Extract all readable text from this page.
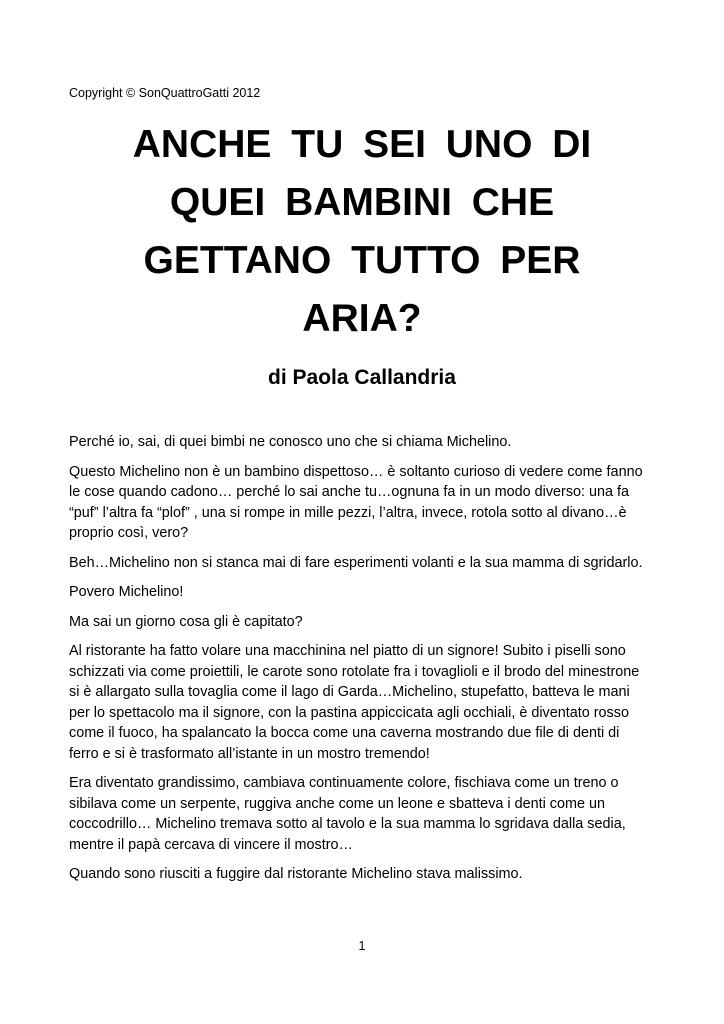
Copyright © SonQuattroGatti 2012

ANCHE TU SEI UNO DI
QUEI BAMBINI CHE
GETTANO TUTTO PER
ARIA?
di Paola Callandria

Perché io, sai, di quei bimbi ne conosco uno che si chiama Michelino.

Questo Michelino non è un bambino dispettoso… è soltanto curioso di vedere come fanno
le cose quando cadono… perché lo sai anche tu…ognuna fa in un modo diverso: una fa
“puf” l’altra fa “plof” , una si rompe in mille pezzi, l’altra, invece, rotola sotto al divano…è
proprio così, vero?

Beh…Michelino non si stanca mai di fare esperimenti volanti e la sua mamma di sgridarlo.

Povero Michelino!

Ma sai un giorno cosa gli è capitato?

Al ristorante ha fatto volare una macchinina nel piatto di un signore! Subito i piselli sono
schizzati via come proiettili, le carote sono rotolate fra i tovaglioli e il brodo del minestrone
si è allargato sulla tovaglia come il lago di Garda…Michelino, stupefatto, batteva le mani
per lo spettacolo ma il signore, con la pastina appiccicata agli occhiali, è diventato rosso
come il fuoco, ha spalancato la bocca come una caverna mostrando due file di denti di
ferro e si è trasformato all’istante in un mostro tremendo!

Era diventato grandissimo, cambiava continuamente colore, fischiava come un treno o
sibilava come un serpente, ruggiva anche come un leone e sbatteva i denti come un
coccodrillo… Michelino tremava sotto al tavolo e la sua mamma lo sgridava dalla sedia,
mentre il papà cercava di vincere il mostro…

Quando sono riusciti a fuggire dal ristorante Michelino stava malissimo.

1
